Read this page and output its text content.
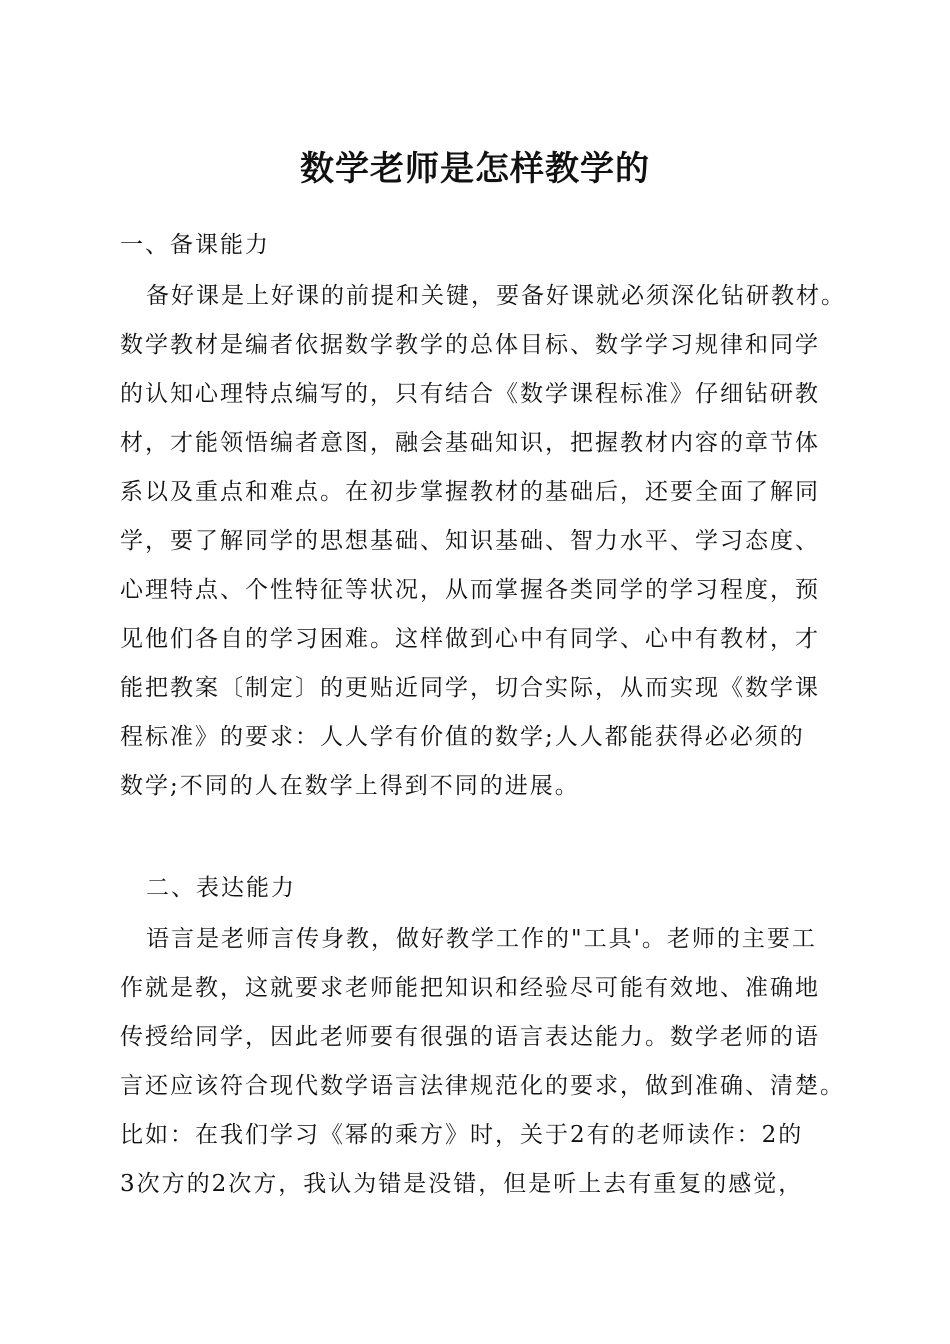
数学老师是怎样教学的
一、备课能力
备好课是上好课的前提和关键，要备好课就必须深化钻研教材。
数学教材是编者依据数学教学的总体目标、数学学习规律和同学
的认知心理特点编写的，只有结合《数学课程标准》仔细钻研教
材，才能领悟编者意图，融会基础知识，把握教材内容的章节体
系以及重点和难点。在初步掌握教材的基础后，还要全面了解同
学，要了解同学的思想基础、知识基础、智力水平、学习态度、
心理特点、个性特征等状况，从而掌握各类同学的学习程度，预
见他们各自的学习困难。这样做到心中有同学、心中有教材，才
能把教案〔制定〕的更贴近同学，切合实际，从而实现《数学课
程标准》的要求：人人学有价值的数学;人人都能获得必必须的
数学;不同的人在数学上得到不同的进展。
二、表达能力
语言是老师言传身教，做好教学工作的"工具'。老师的主要工
作就是教，这就要求老师能把知识和经验尽可能有效地、准确地
传授给同学，因此老师要有很强的语言表达能力。数学老师的语
言还应该符合现代数学语言法律规范化的要求，做到准确、清楚。
比如：在我们学习《幂的乘方》时，关于2有的老师读作：2的
3次方的2次方，我认为错是没错，但是听上去有重复的感觉，
